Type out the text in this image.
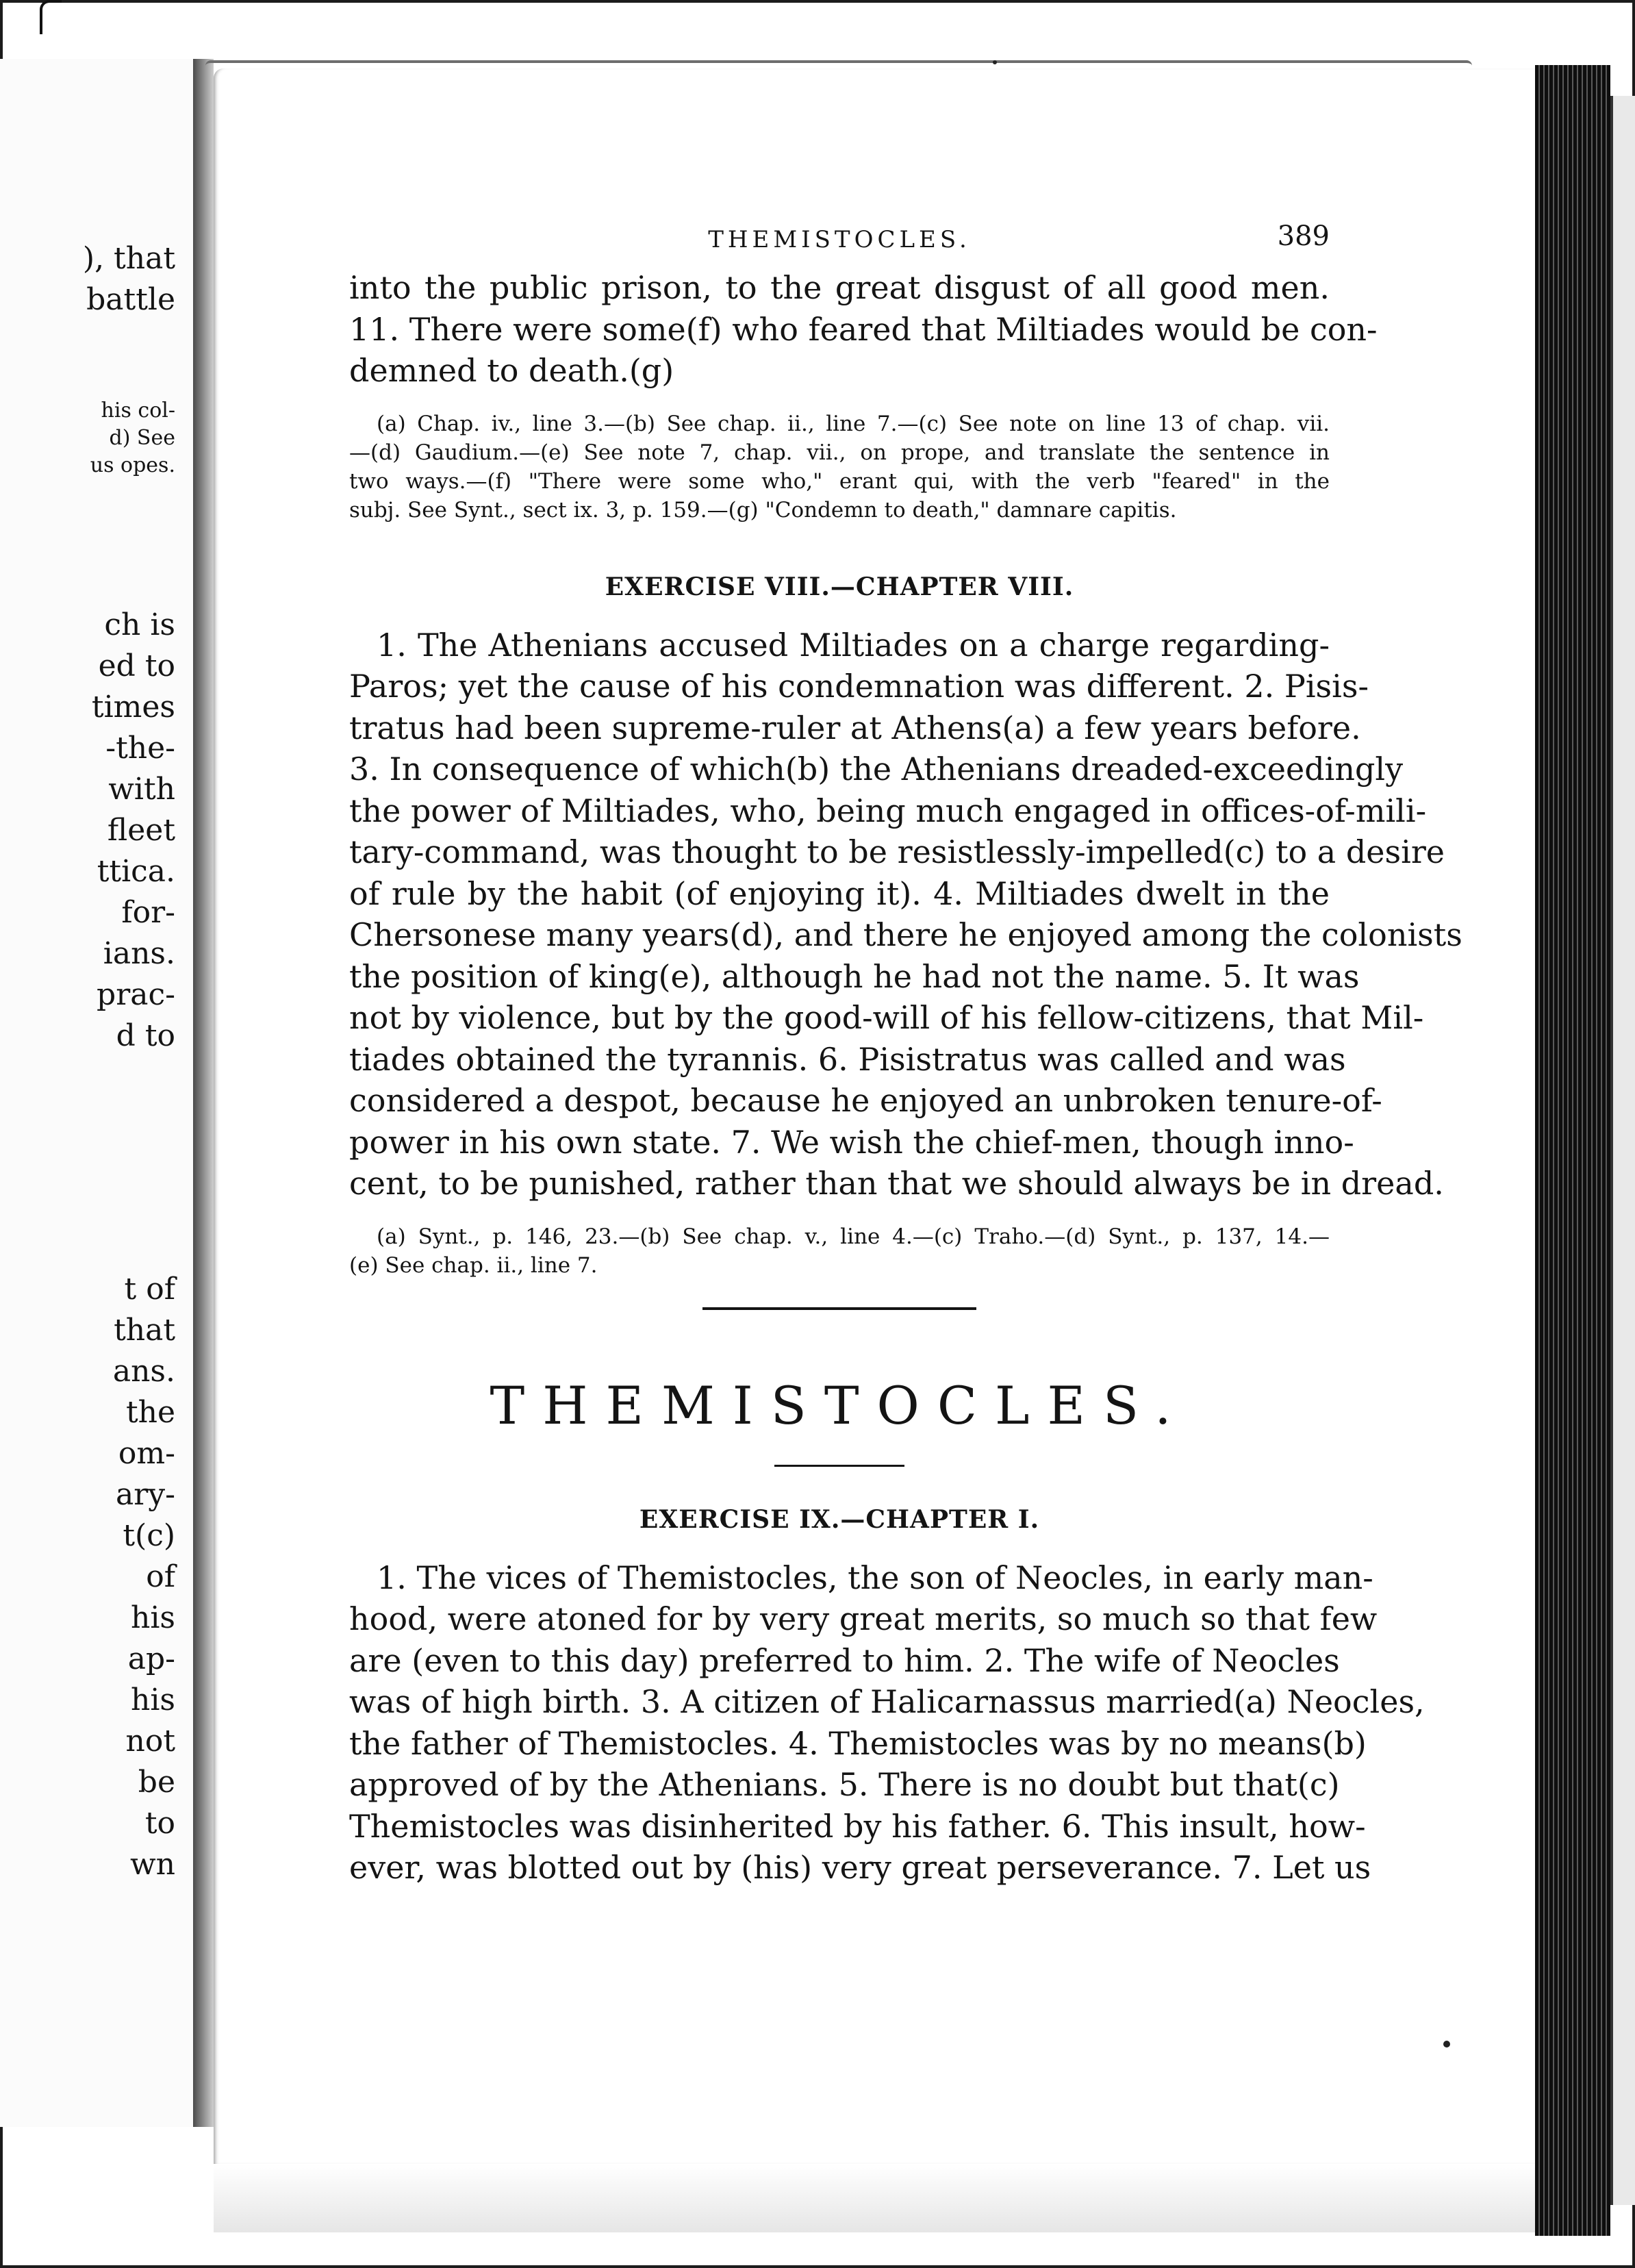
), that
battle
his col-
d) See
us opes.
ch is
ed to
times
-the-
with
fleet
ttica.
for-
ians.
prac-
d to
t of
that
ans.
the
om-
ary-
t(c)
of
his
ap-
his
not
be
to
wn
THEMISTOCLES.	389
into the public prison, to the great disgust of all good men.
11. There were some(f) who feared that Miltiades would be con-
demned to death.(g)
(a) Chap. iv., line 3.—(b) See chap. ii., line 7.—(c) See note on line 13 of chap. vii.
—(d) Gaudium.—(e) See note 7, chap. vii., on prope, and translate the sentence in
two ways.—(f) "There were some who," erant qui, with the verb "feared" in the
subj. See Synt., sect ix. 3, p. 159.—(g) "Condemn to death," damnare capitis.
EXERCISE VIII.—CHAPTER VIII.
1. The Athenians accused Miltiades on a charge regarding-
Paros; yet the cause of his condemnation was different. 2. Pisis-
tratus had been supreme-ruler at Athens(a) a few years before.
3. In consequence of which(b) the Athenians dreaded-exceedingly
the power of Miltiades, who, being much engaged in offices-of-mili-
tary-command, was thought to be resistlessly-impelled(c) to a desire
of rule by the habit (of enjoying it). 4. Miltiades dwelt in the
Chersonese many years(d), and there he enjoyed among the colonists
the position of king(e), although he had not the name. 5. It was
not by violence, but by the good-will of his fellow-citizens, that Mil-
tiades obtained the tyrannis. 6. Pisistratus was called and was
considered a despot, because he enjoyed an unbroken tenure-of-
power in his own state. 7. We wish the chief-men, though inno-
cent, to be punished, rather than that we should always be in dread.
(a) Synt., p. 146, 23.—(b) See chap. v., line 4.—(c) Traho.—(d) Synt., p. 137, 14.—
(e) See chap. ii., line 7.
THEMISTOCLES.
EXERCISE IX.—CHAPTER I.
1. The vices of Themistocles, the son of Neocles, in early man-
hood, were atoned for by very great merits, so much so that few
are (even to this day) preferred to him. 2. The wife of Neocles
was of high birth. 3. A citizen of Halicarnassus married(a) Neocles,
the father of Themistocles. 4. Themistocles was by no means(b)
approved of by the Athenians. 5. There is no doubt but that(c)
Themistocles was disinherited by his father. 6. This insult, how-
ever, was blotted out by (his) very great perseverance. 7. Let us
